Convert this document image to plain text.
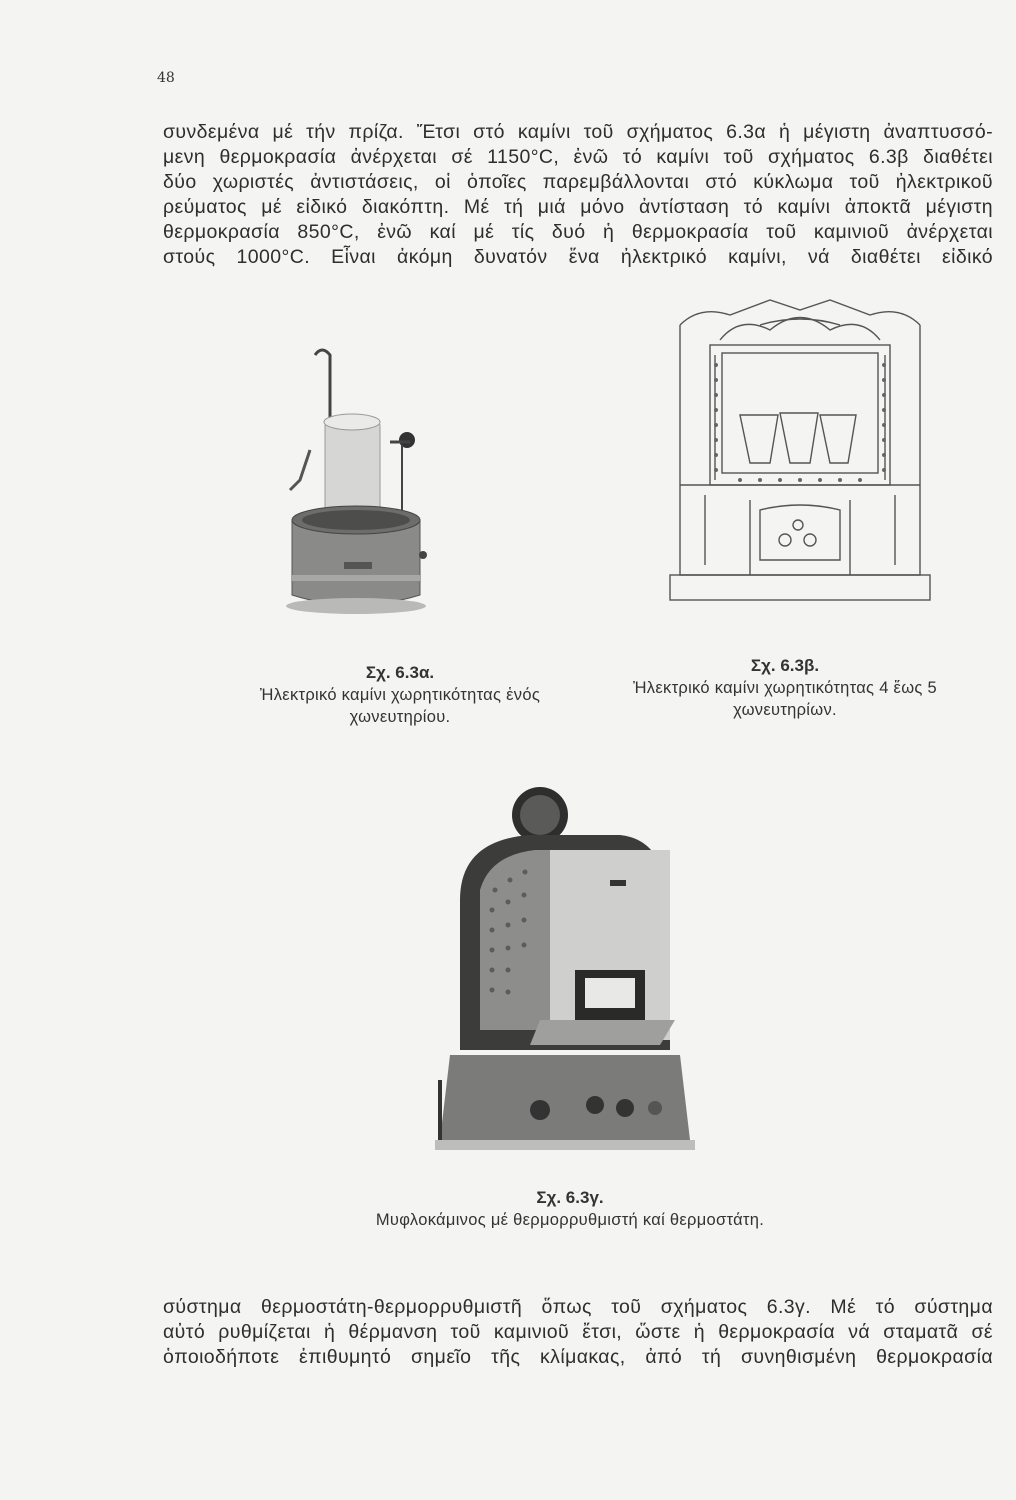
48
συνδεμένα μέ τήν πρίζα. Ἔτσι στό καμίνι τοῦ σχήματος 6.3α ἡ μέγιστη ἀναπτυσσό-
μενη θερμοκρασία ἀνέρχεται σέ 1150°C, ἐνῶ τό καμίνι τοῦ σχήματος 6.3β διαθέτει
δύο χωριστές ἀντιστάσεις, οἱ ὁποῖες παρεμβάλλονται στό κύκλωμα τοῦ ἠλεκτρικοῦ
ρεύματος μέ εἰδικό διακόπτη. Μέ τή μιά μόνο ἀντίσταση τό καμίνι ἀποκτᾶ μέγιστη
θερμοκρασία 850°C, ἐνῶ καί μέ τίς δυό ἡ θερμοκρασία τοῦ καμινιοῦ ἀνέρχεται
στούς 1000°C. Εἶναι ἀκόμη δυνατόν ἕνα ἠλεκτρικό καμίνι, νά διαθέτει εἰδικό
Σχ. 6.3α.
Ἠλεκτρικό καμίνι χωρητικότητας ἑνός
χωνευτηρίου.
Σχ. 6.3β.
Ἠλεκτρικό καμίνι χωρητικότητας 4 ἕως 5
χωνευτηρίων.
Σχ. 6.3γ.
Μυφλοκάμινος μέ θερμορρυθμιστή καί θερμοστάτη.
σύστημα θερμοστάτη-θερμορρυθμιστῆ ὅπως τοῦ σχήματος 6.3γ. Μέ τό σύστημα
αὐτό ρυθμίζεται ἡ θέρμανση τοῦ καμινιοῦ ἔτσι, ὥστε ἡ θερμοκρασία νά σταματᾶ σέ
ὁποιοδήποτε ἐπιθυμητό σημεῖο τῆς κλίμακας, ἀπό τή συνηθισμένη θερμοκρασία
